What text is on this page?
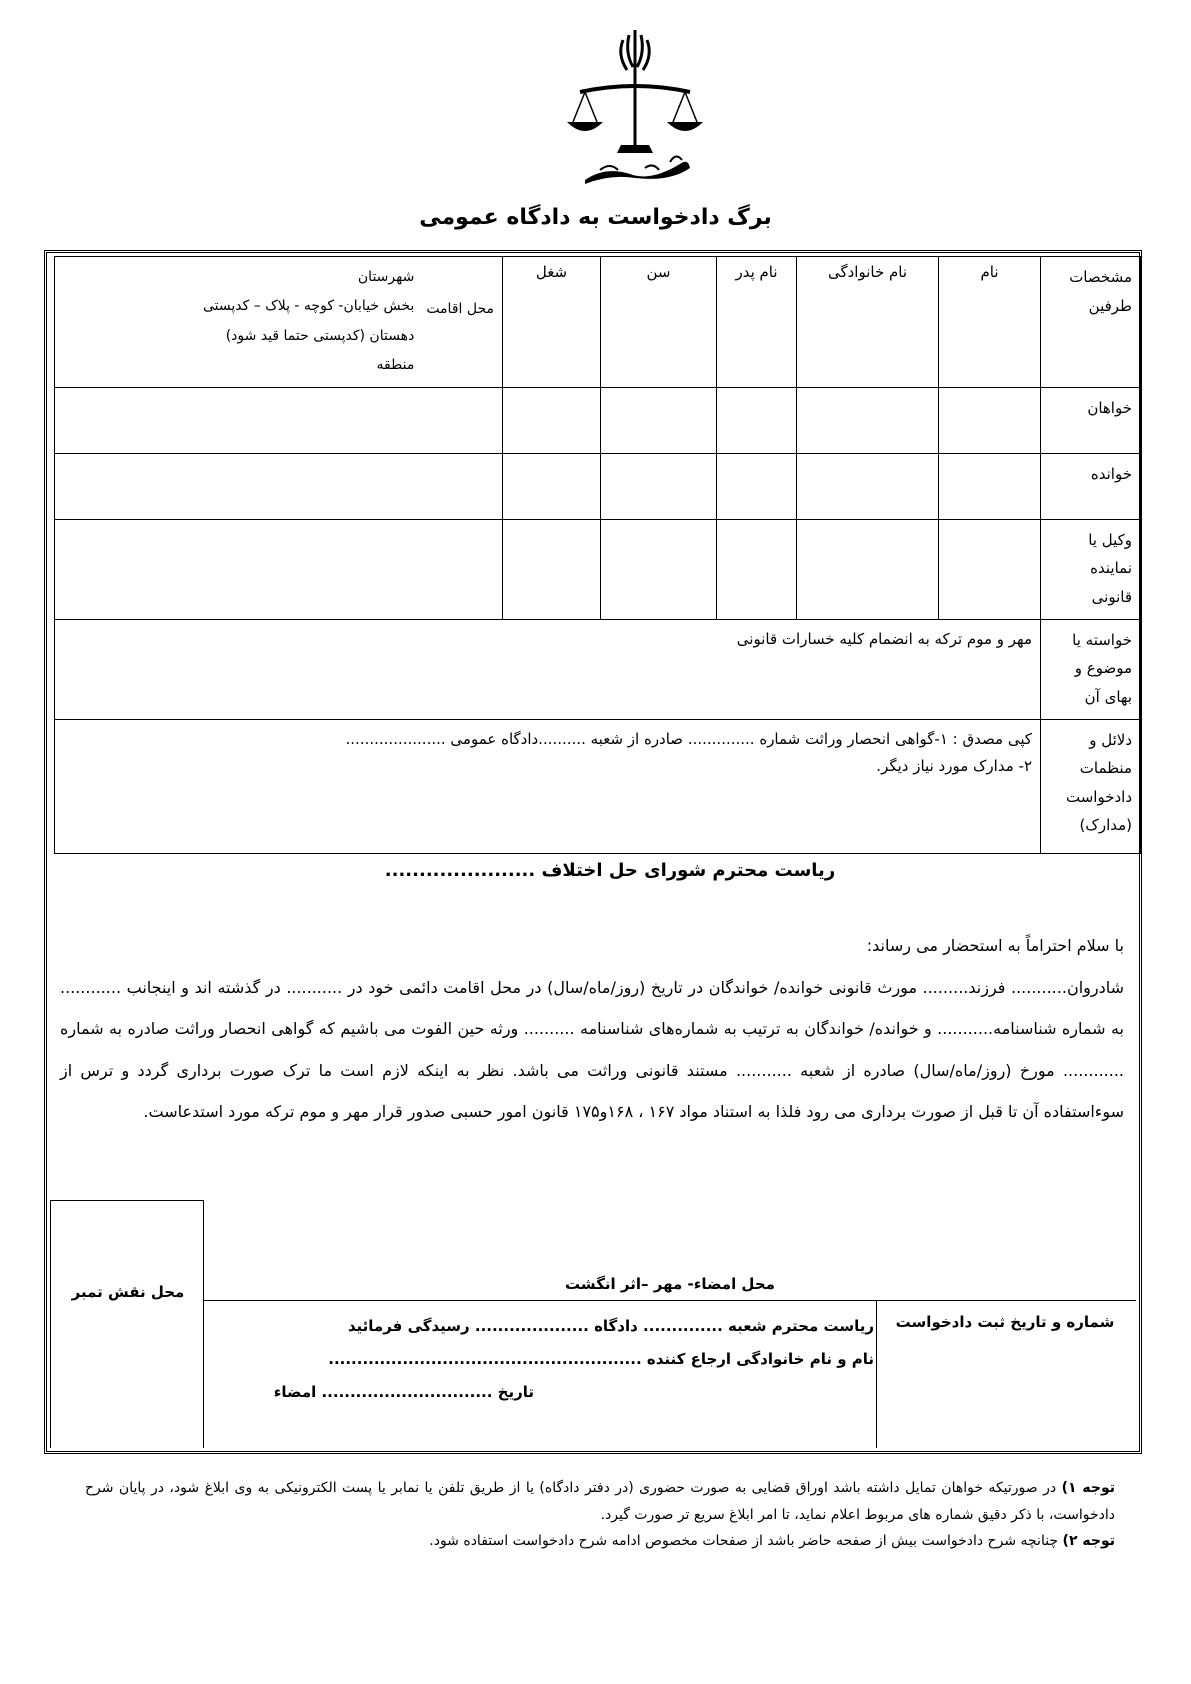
برگ دادخواست به دادگاه عمومی
مشخصات طرفین	نام	نام خانوادگی	نام پدر	سن	شغل	محل اقامت
شهرستان
بخش خیابان- کوچه - پلاک – کدپستی
دهستان (کدپستی حتما قید شود)
منطقه

خواهان						
خوانده						
وکیل یا نماینده قانونی						
خواسته یا موضوع و بهای آن	مهر و موم ترکه به انضمام کلیه خسارات قانونی					
دلائل و منظمات دادخواست (مدارک)	کپی مصدق : ۱-گواهی انحصار وراثت شماره .............. صادره از شعبه ..........دادگاه عمومی .....................
۲- مدارک مورد نیاز دیگر.					
ریاست محترم شورای حل اختلاف ......................

با سلام احتراماً به استحضار می رساند:

شادروان........... فرزند......... مورث قانونی خوانده/ خواندگان در تاریخ (روز/ماه/سال) در محل اقامت دائمی خود در ........... در گذشته اند و اینجانب ............ به شماره شناسنامه........... و خوانده/ خواندگان به ترتیب به شماره‌های شناسنامه .......... ورثه حین الفوت می باشیم که گواهی انحصار وراثت صادره به شماره ............ مورخ (روز/ماه/سال) صادره از شعبه ........... مستند قانونی وراثت می باشد. نظر به اینکه لازم است ما ترک صورت برداری گردد و ترس از سوءاستفاده آن تا قبل از صورت برداری می رود فلذا به استناد مواد ۱۶۷ ، ۱۶۸و۱۷۵ قانون امور حسبی صدور قرار مهر و موم ترکه مورد استدعاست.

محل نقش تمبر	محل امضاء- مهر –اثر انگشت
شماره و تاریخ ثبت دادخواست
ریاست محترم شعبه .............. دادگاه .................... رسیدگی فرمائید
نام و نام خانوادگی ارجاع کننده .......................................................
تاریخ .............................. امضاء

توجه ۱) در صورتیکه خواهان تمایل داشته باشد اوراق قضایی به صورت حضوری (در دفتر دادگاه) یا از طریق تلفن یا نمابر یا پست الکترونیکی به وی ابلاغ شود، در پایان شرح دادخواست، با ذکر دقیق شماره های مربوط اعلام نماید، تا امر ابلاغ سریع تر صورت گیرد.

توجه ۲) چنانچه شرح دادخواست بیش از صفحه حاضر باشد از صفحات مخصوص ادامه شرح دادخواست استفاده شود.
